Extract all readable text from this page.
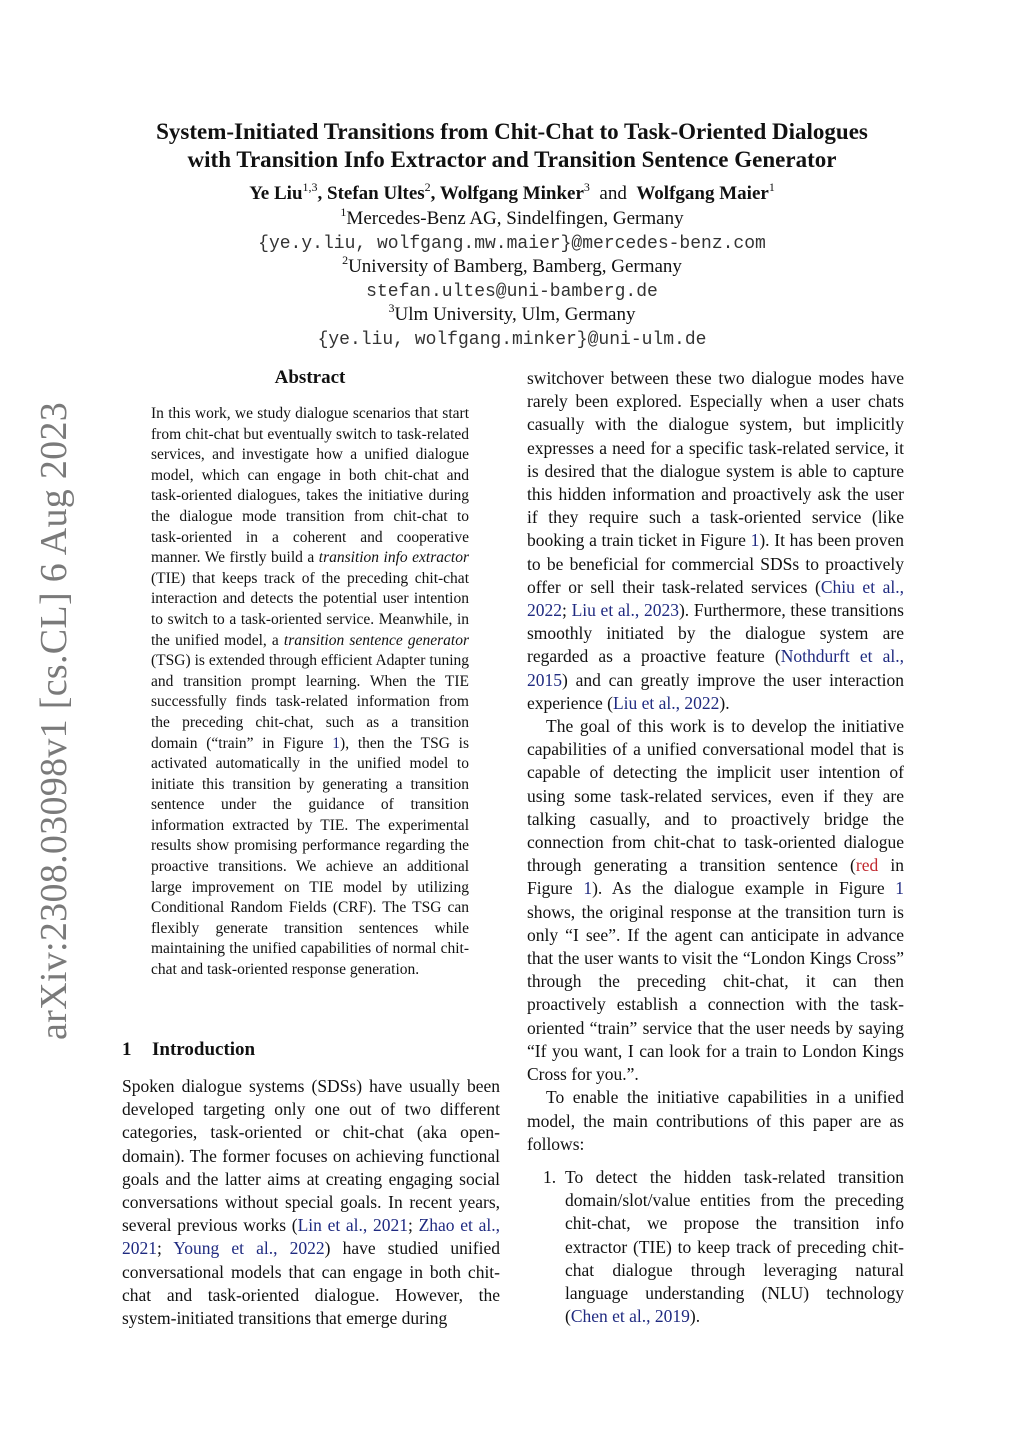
arXiv:2308.03098v1 [cs.CL] 6 Aug 2023
System-Initiated Transitions from Chit-Chat to Task-Oriented Dialogues
with Transition Info Extractor and Transition Sentence Generator
Ye Liu$^{1,3}$, Stefan Ultes$^2$, Wolfgang Minker$^3$ and Wolfgang Maier$^1$
$^1$Mercedes-Benz AG, Sindelfingen, Germany
{ye.y.liu, wolfgang.mw.maier}@mercedes-benz.com
$^2$University of Bamberg, Bamberg, Germany
stefan.ultes@uni-bamberg.de
$^3$Ulm University, Ulm, Germany
{ye.liu, wolfgang.minker}@uni-ulm.de
Abstract
In this work, we study dialogue scenarios that start from chit-chat but eventually switch to task-related services, and investigate how a unified dialogue model, which can engage in both chit-chat and task-oriented dialogues, takes the initiative during the dialogue mode transition from chit-chat to task-oriented in a coherent and cooperative manner. We firstly build a transition info extractor (TIE) that keeps track of the preceding chit-chat interaction and detects the potential user intention to switch to a task-oriented service. Meanwhile, in the unified model, a transition sentence generator (TSG) is extended through efficient Adapter tuning and transition prompt learning. When the TIE successfully finds task-related information from the preceding chit-chat, such as a transition domain (“train” in Figure 1), then the TSG is activated automatically in the unified model to initiate this transition by generating a transition sentence under the guidance of transition information extracted by TIE. The experimental results show promising performance regarding the proactive transitions. We achieve an additional large improvement on TIE model by utilizing Conditional Random Fields (CRF). The TSG can flexibly generate transition sentences while maintaining the unified capabilities of normal chit-chat and task-oriented response generation.
1 Introduction
Spoken dialogue systems (SDSs) have usually been developed targeting only one out of two different categories, task-oriented or chit-chat (aka open-domain). The former focuses on achieving functional goals and the latter aims at creating engaging social conversations without special goals. In recent years, several previous works (Lin et al., 2021; Zhao et al., 2021; Young et al., 2022) have studied unified conversational models that can engage in both chit-chat and task-oriented dialogue. However, the system-initiated transitions that emerge during

switchover between these two dialogue modes have rarely been explored. Especially when a user chats casually with the dialogue system, but implicitly expresses a need for a specific task-related service, it is desired that the dialogue system is able to capture this hidden information and proactively ask the user if they require such a task-oriented service (like booking a train ticket in Figure 1). It has been proven to be beneficial for commercial SDSs to proactively offer or sell their task-related services (Chiu et al., 2022; Liu et al., 2023). Furthermore, these transitions smoothly initiated by the dialogue system are regarded as a proactive feature (Nothdurft et al., 2015) and can greatly improve the user interaction experience (Liu et al., 2022).

The goal of this work is to develop the initiative capabilities of a unified conversational model that is capable of detecting the implicit user intention of using some task-related services, even if they are talking casually, and to proactively bridge the connection from chit-chat to task-oriented dialogue through generating a transition sentence (red in Figure 1). As the dialogue example in Figure 1 shows, the original response at the transition turn is only “I see”. If the agent can anticipate in advance that the user wants to visit the “London Kings Cross” through the preceding chit-chat, it can then proactively establish a connection with the task-oriented “train” service that the user needs by saying “If you want, I can look for a train to London Kings Cross for you.”.

To enable the initiative capabilities in a unified model, the main contributions of this paper are as follows:

1. To detect the hidden task-related transition domain/slot/value entities from the preceding chit-chat, we propose the transition info extractor (TIE) to keep track of preceding chit-chat dialogue through leveraging natural language understanding (NLU) technology (Chen et al., 2019).
